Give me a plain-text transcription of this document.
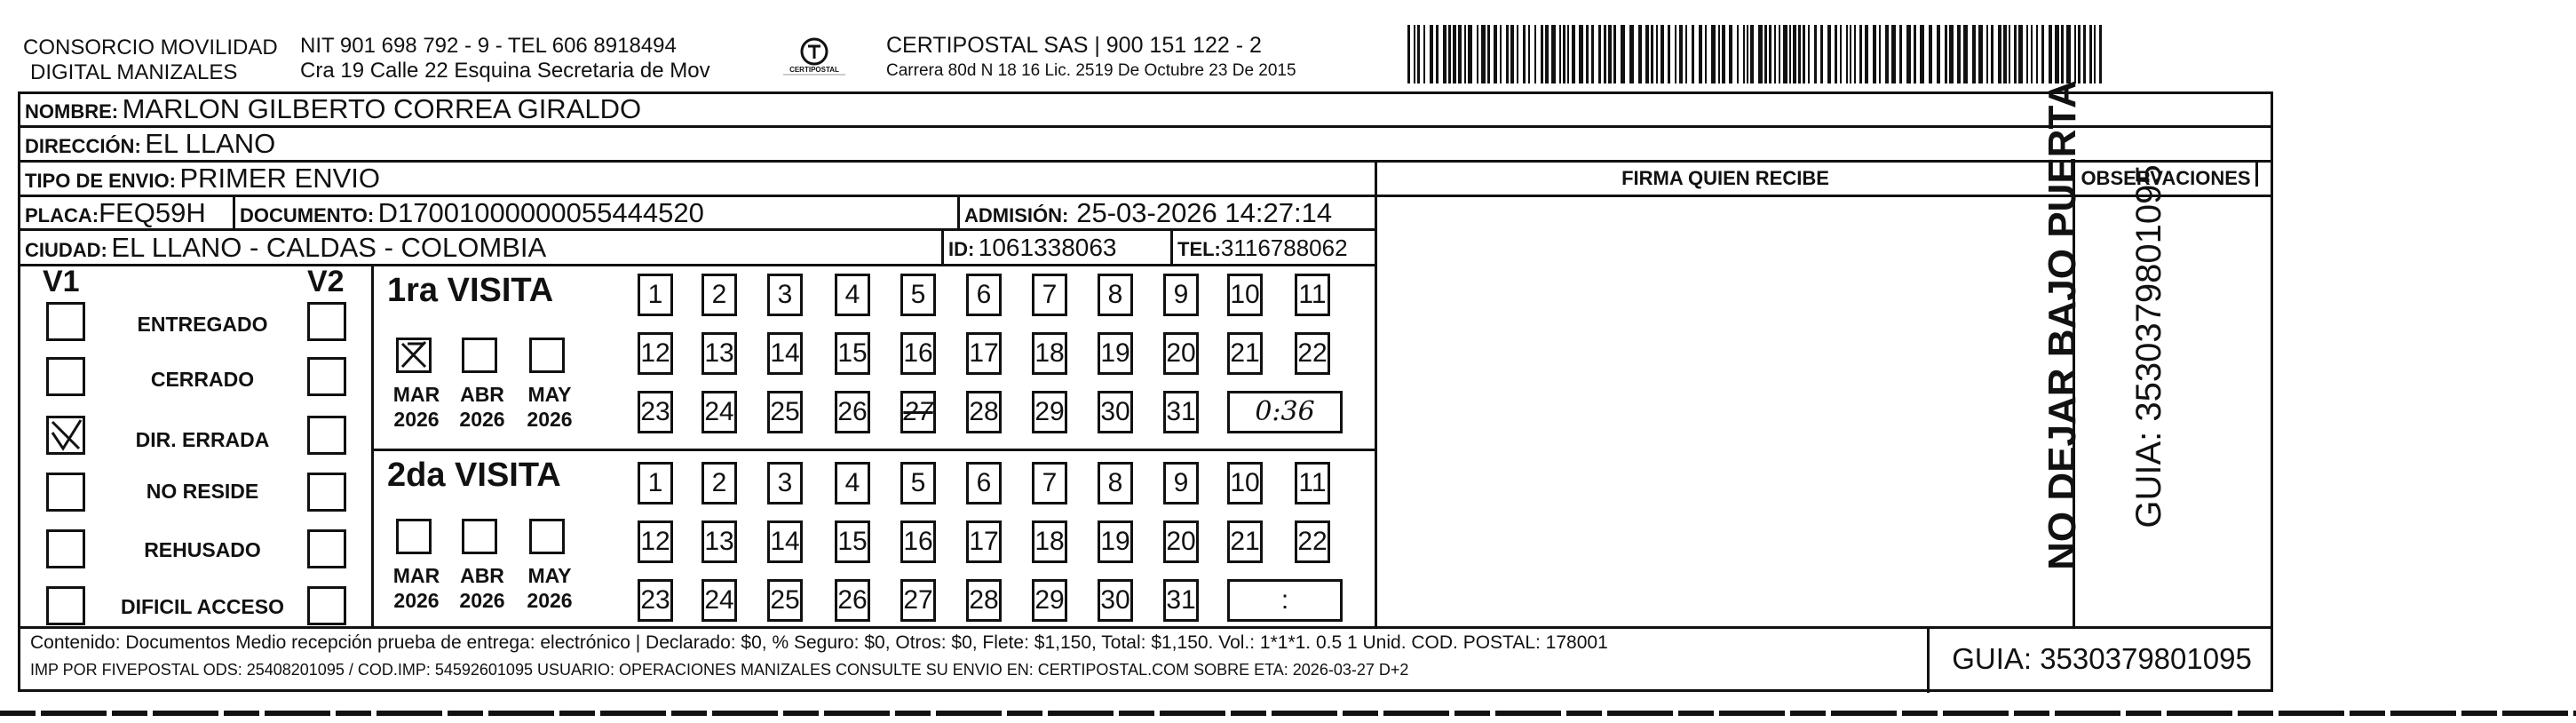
CONSORCIO MOVILIDAD
DIGITAL MANIZALES
NIT 901 698 792 - 9 - TEL 606 8918494
Cra 19 Calle 22 Esquina Secretaria de Mov	CERTIPOSTAL
CERTIPOSTAL SAS | 900 151 122 - 2
Carrera 80d N 18 16 Lic. 2519 De Octubre 23 De 2015
NOMBRE: MARLON GILBERTO CORREA GIRALDO
DIRECCIÓN: EL LLANO
TIPO DE ENVIO: PRIMER ENVIO	FIRMA QUIEN RECIBE	OBSERVACIONES
PLACA:FEQ59H DOCUMENTO: D17001000000055444520	ADMISIÓN: 25-03-2026 14:27:14
CIUDAD: EL LLANO - CALDAS - COLOMBIA	ID: 1061338063	TEL:3116788062
V1	V2
ENTREGADO
CERRADO
DIR. ERRADA
NO RESIDE
REHUSADO
DIFICIL ACCESO
1ra VISITA
2da VISITA
MAR
2026
ABR
2026
MAY
2026
MAR
2026
ABR
2026
MAY
2026
1	2	3	4	5	6	7	8	9	10 11
12 13 14 15 16 17 18 19 20 21 22
23 24 25 26 27 28 29 30 31	0:36
1	2	3	4	5	6	7	8	9	10 11
12 13 14 15 16 17 18 19 20 21 22
23 24 25 26 27 28 29 30 31	:
Contenido: Documentos Medio recepción prueba de entrega: electrónico | Declarado: $0, % Seguro: $0, Otros: $0, Flete: $1,150, Total: $1,150. Vol.: 1*1*1. 0.5 1 Unid. COD. POSTAL: 178001
IMP POR FIVEPOSTAL ODS: 25408201095 / COD.IMP: 54592601095 USUARIO: OPERACIONES MANIZALES CONSULTE SU ENVIO EN: CERTIPOSTAL.COM SOBRE ETA: 2026-03-27 D+2	GUIA: 3530379801095
NO DEJAR BAJO PUERTA GUIA: 3530379801095
